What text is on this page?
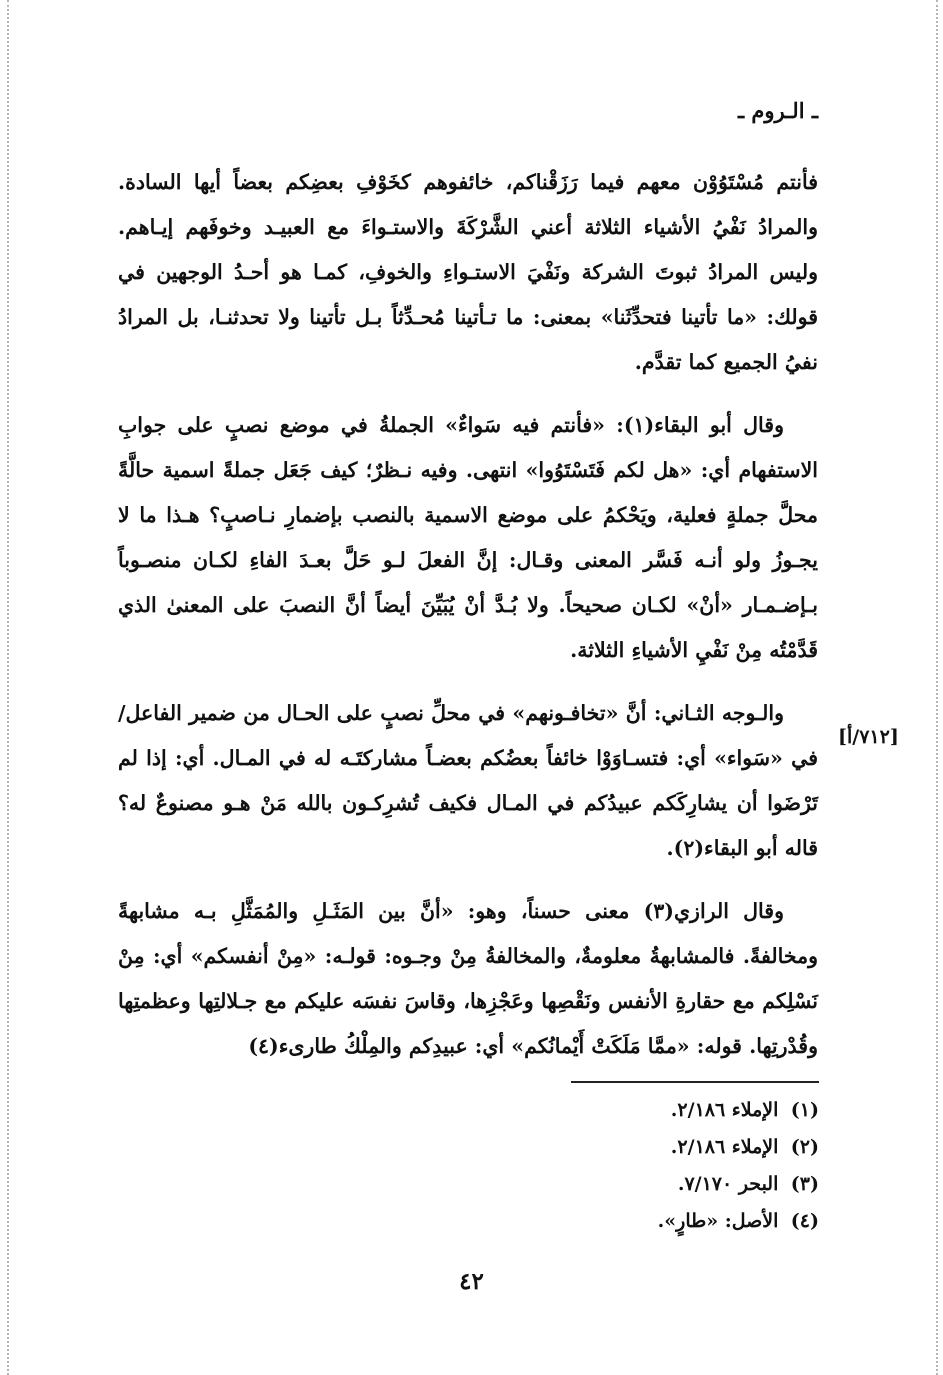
ـ الـروم ـ
[٧١٢/أ]

فأنتم مُسْتَوُوْن معهم فيما رَزَقْناكم، خائفوهم كخَوْفِ بعضِكم بعضاً أيها السادة. والمرادُ نَفْيُ الأشياء الثلاثة أعني الشَّرْكَةَ والاستـواءَ مع العبيـد وخوفَهم إيـاهم. وليس المرادُ ثبوتَ الشركة ونَفْيَ الاستـواءِ والخوفِ، كمـا هو أحـدُ الوجهين في قولك: «ما تأتينا فتحدِّثَنا» بمعنى: ما تـأتينا مُحـدِّثاً بـل تأتينا ولا تحدثنـا، بل المرادُ نفيُ الجميع كما تقدَّم.

وقال أبو البقاء(١): «فأنتم فيه سَواءٌ» الجملةُ في موضع نصبٍ على جوابِ الاستفهام أي: «هل لكم فَتَسْتَوُوا» انتهى. وفيه نـظرٌ؛ كيف جَعَل جملةً اسمية حالَّةً محلَّ جملةٍ فعلية، ويَحْكمُ على موضع الاسمية بالنصب بإضمارِ نـاصبٍ؟ هـذا ما لا يجـوزُ ولو أنـه فَسَّر المعنى وقـال: إنَّ الفعلَ لـو حَلَّ بعـدَ الفاءِ لكـان منصـوباً بـإضـمـار «أنْ» لكـان صحيحاً. ولا بُـدَّ أنْ يُبَيِّنَ أيضاً أنَّ النصبَ على المعنىٰ الذي قَدَّمْتُه مِنْ نَفْيِ الأشياءِ الثلاثة.

والـوجه الثـاني: أنَّ «تخافـونهم» في محلِّ نصبٍ على الحـال من ضمير الفاعل/ في «سَواء» أي: فتسـاوَوْا خائفاً بعضُكم بعضـاً مشاركتَـه له في المـال. أي: إذا لم تَرْضَوا أن يشارِكَكم عبيدُكم في المـال فكيف تُشرِكـون بالله مَنْ هـو مصنوعٌ له؟ قاله أبو البقاء(٢).

وقال الرازي(٣) معنى حسناً، وهو: «أنَّ بين المَثَـلِ والمُمَثَّلِ بـه مشابهةً ومخالفةً. فالمشابهةُ معلومةٌ، والمخالفةُ مِنْ وجـوه: قولـه: «مِنْ أنفسكم» أي: مِنْ نَسْلِكم مع حقارةِ الأنفس ونَقْصِها وعَجْزِها، وقاسَ نفسَه عليكم مع جـلالتِها وعظمتِها وقُدْرتِها. قوله: «ممَّا مَلَكَتْ أَيْمانُكم» أي: عبيدِكم والمِلْكُ طارىء(٤)

(١) الإملاء ٢/١٨٦.
(٢) الإملاء ٢/١٨٦.
(٣) البحر ٧/١٧٠.
(٤) الأصل: «طارٍ».
٤٢
